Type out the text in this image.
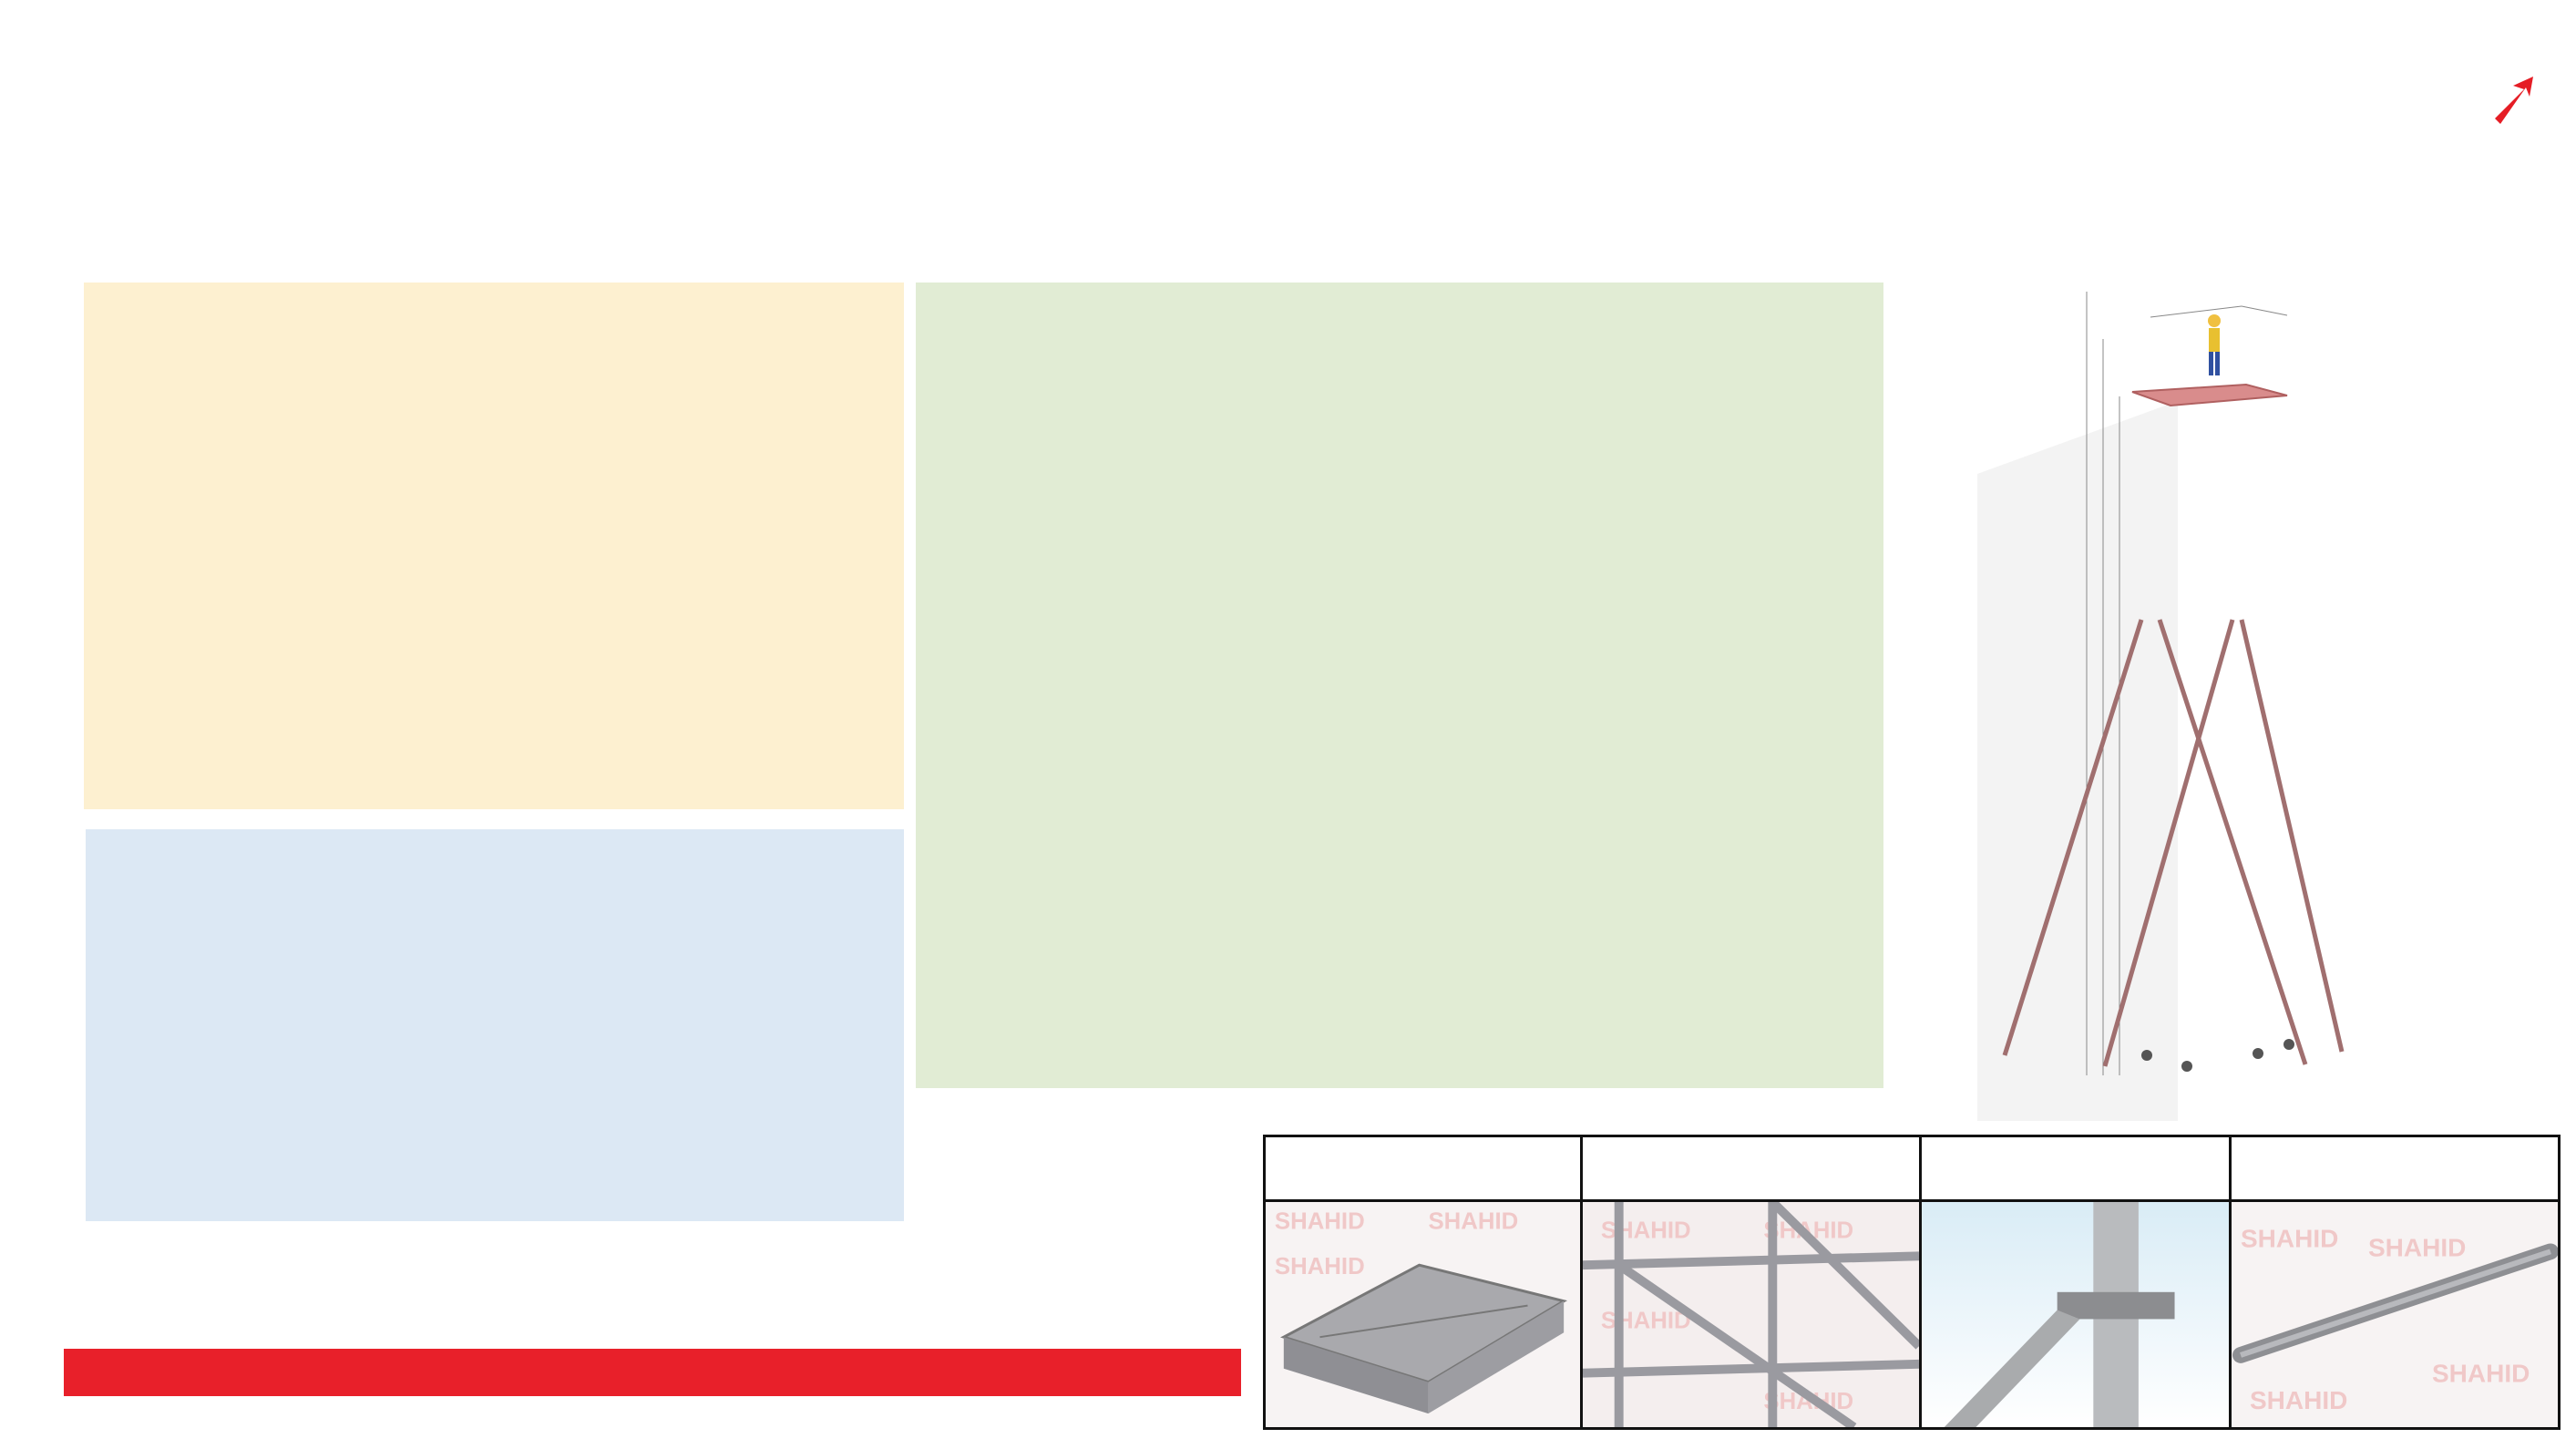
SHAHID	SHAHID
SHAHID
SHAHID	SHAHID
SHAHID
SHAHID
SHAHID SHAHID
SHAHID
SHAHID
